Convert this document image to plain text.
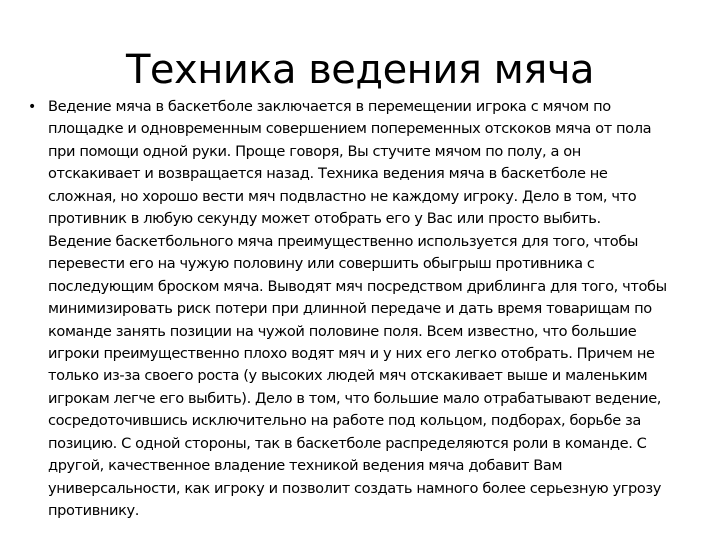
Техника ведения мяча
• Ведение мяча в баскетболе заключается в перемещении игрока с мячом по площадке и одновременным совершением попеременных отскоков мяча от пола при помощи одной руки. Проще говоря, Вы стучите мячом по полу, а он отскакивает и возвращается назад. Техника ведения мяча в баскетболе не сложная, но хорошо вести мяч подвластно не каждому игроку. Дело в том, что противник в любую секунду может отобрать его у Вас или просто выбить. Ведение баскетбольного мяча преимущественно используется для того, чтобы перевести его на чужую половину или совершить обыгрыш противника с последующим броском мяча. Выводят мяч посредством дриблинга для того, чтобы минимизировать риск потери при длинной передаче и дать время товарищам по команде занять позиции на чужой половине поля. Всем известно, что большие игроки преимущественно плохо водят мяч и у них его легко отобрать. Причем не только из-за своего роста (у высоких людей мяч отскакивает выше и маленьким игрокам легче его выбить). Дело в том, что большие мало отрабатывают ведение, сосредоточившись исключительно на работе под кольцом, подборах, борьбе за позицию. С одной стороны, так в баскетболе распределяются роли в команде. С другой, качественное владение техникой ведения мяча добавит Вам универсальности, как игроку и позволит создать намного более серьезную угрозу противнику.
